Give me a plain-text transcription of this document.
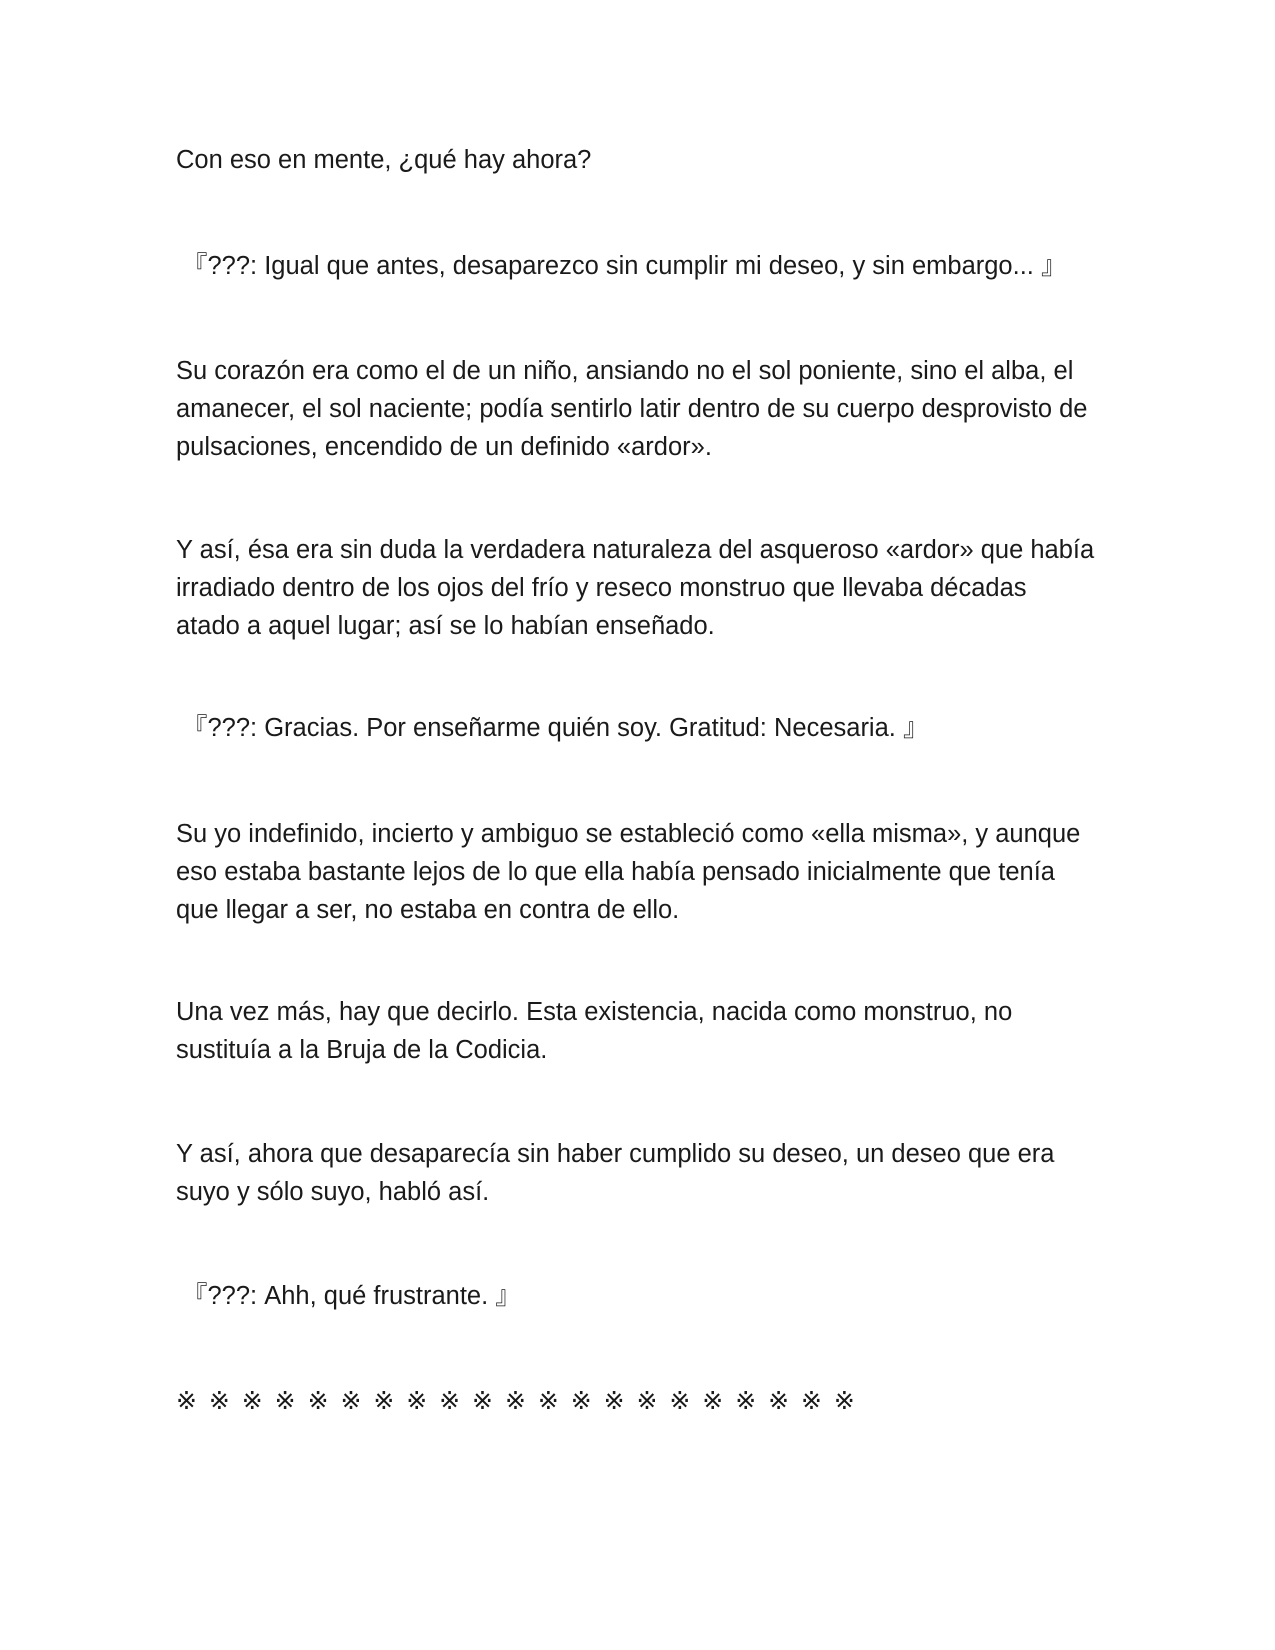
Con eso en mente, ¿qué hay ahora?

『???: Igual que antes, desaparezco sin cumplir mi deseo, y sin embargo... 』

Su corazón era como el de un niño, ansiando no el sol poniente, sino el alba, el amanecer, el sol naciente; podía sentirlo latir dentro de su cuerpo desprovisto de pulsaciones, encendido de un definido «ardor».

Y así, ésa era sin duda la verdadera naturaleza del asqueroso «ardor» que había irradiado dentro de los ojos del frío y reseco monstruo que llevaba décadas atado a aquel lugar; así se lo habían enseñado.

『???: Gracias. Por enseñarme quién soy. Gratitud: Necesaria. 』

Su yo indefinido, incierto y ambiguo se estableció como «ella misma», y aunque eso estaba bastante lejos de lo que ella había pensado inicialmente que tenía que llegar a ser, no estaba en contra de ello.

Una vez más, hay que decirlo. Esta existencia, nacida como monstruo, no sustituía a la Bruja de la Codicia.

Y así, ahora que desaparecía sin haber cumplido su deseo, un deseo que era suyo y sólo suyo, habló así.

『???: Ahh, qué frustrante. 』

※ ※ ※ ※ ※ ※ ※ ※ ※ ※ ※ ※ ※ ※ ※ ※ ※ ※ ※ ※ ※
